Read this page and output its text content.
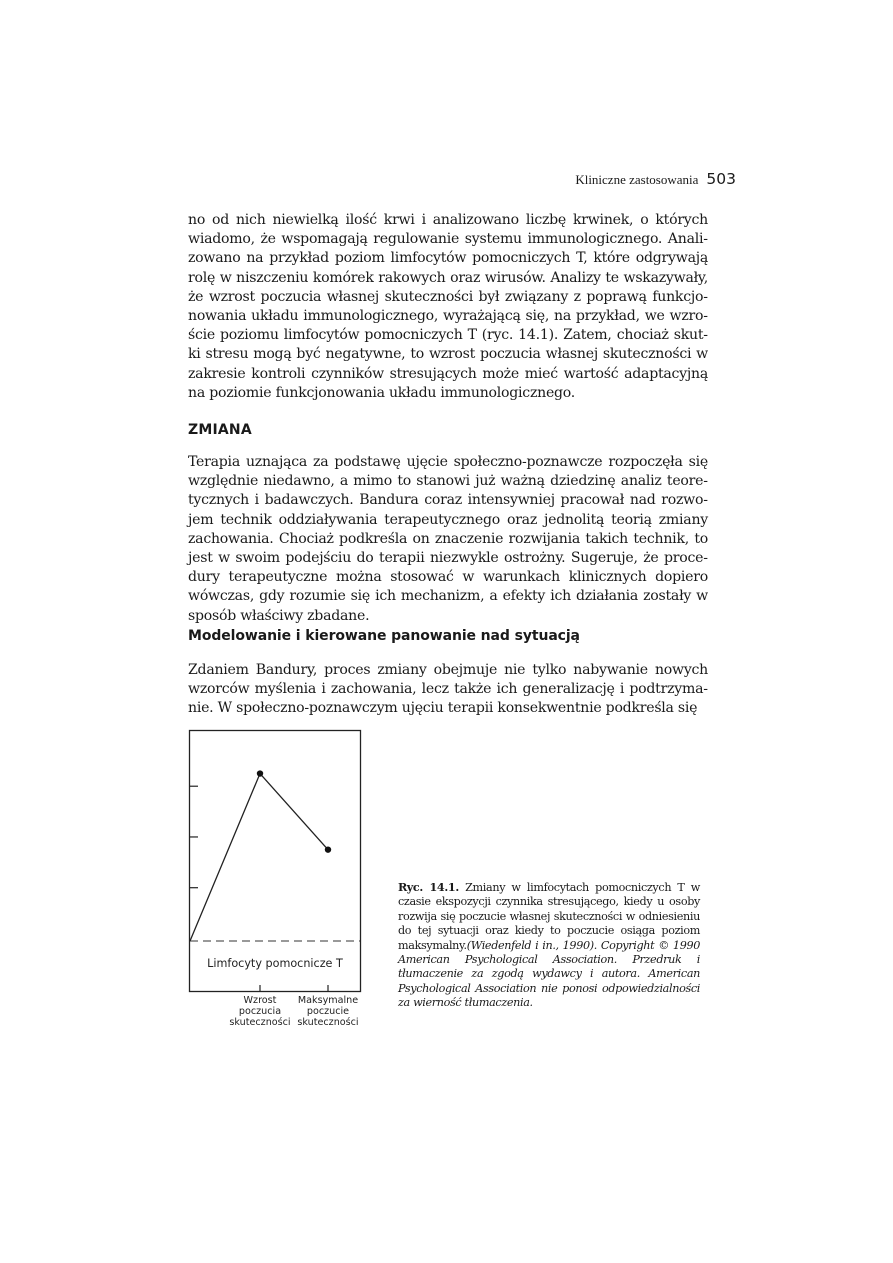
Kliniczne zastosowania 503

no od nich niewielką ilość krwi i analizowano liczbę krwinek, o których wiadomo, że wspomagają regulowanie systemu immunologicznego. Analizowano na przykład poziom limfocytów pomocniczych T, które odgrywają rolę w niszczeniu komórek rakowych oraz wirusów. Analizy te wskazywały, że wzrost poczucia własnej skuteczności był związany z poprawą funkcjonowania układu immunologicznego, wyrażającą się, na przykład, we wzroście poziomu limfocytów pomocniczych T (ryc. 14.1). Zatem, chociaż skutki stresu mogą być negatywne, to wzrost poczucia własnej skuteczności w zakresie kontroli czynników stresujących może mieć wartość adaptacyjną na poziomie funkcjonowania układu immunologicznego.

ZMIANA

Terapia uznająca za podstawę ujęcie społeczno-poznawcze rozpoczęła się względnie niedawno, a mimo to stanowi już ważną dziedzinę analiz teoretycznych i badawczych. Bandura coraz intensywniej pracował nad rozwojem technik oddziaływania terapeutycznego oraz jednolitą teorią zmiany zachowania. Chociaż podkreśla on znaczenie rozwijania takich technik, to jest w swoim podejściu do terapii niezwykle ostrożny. Sugeruje, że procedury terapeutyczne można stosować w warunkach klinicznych dopiero wówczas, gdy rozumie się ich mechanizm, a efekty ich działania zostały w sposób właściwy zbadane.

Modelowanie i kierowane panowanie nad sytuacją

Zdaniem Bandury, proces zmiany obejmuje nie tylko nabywanie nowych wzorców myślenia i zachowania, lecz także ich generalizację i podtrzymanie. W społeczno-poznawczym ujęciu terapii konsekwentnie podkreśla się

Limfocyty pomocnicze T
Wzrost poczucia skuteczności
Maksymalne poczucie skuteczności

Ryc. 14.1. Zmiany w limfocytach pomocniczych T w czasie ekspozycji czynnika stresującego, kiedy u osoby rozwija się poczucie własnej skuteczności w odniesieniu do tej sytuacji oraz kiedy to poczucie osiąga poziom maksymalny.(Wiedenfeld i in., 1990). Copyright © 1990 American Psychological Association. Przedruk i tłumaczenie za zgodą wydawcy i autora. American Psychological Association nie ponosi odpowiedzialności za wierność tłumaczenia.
